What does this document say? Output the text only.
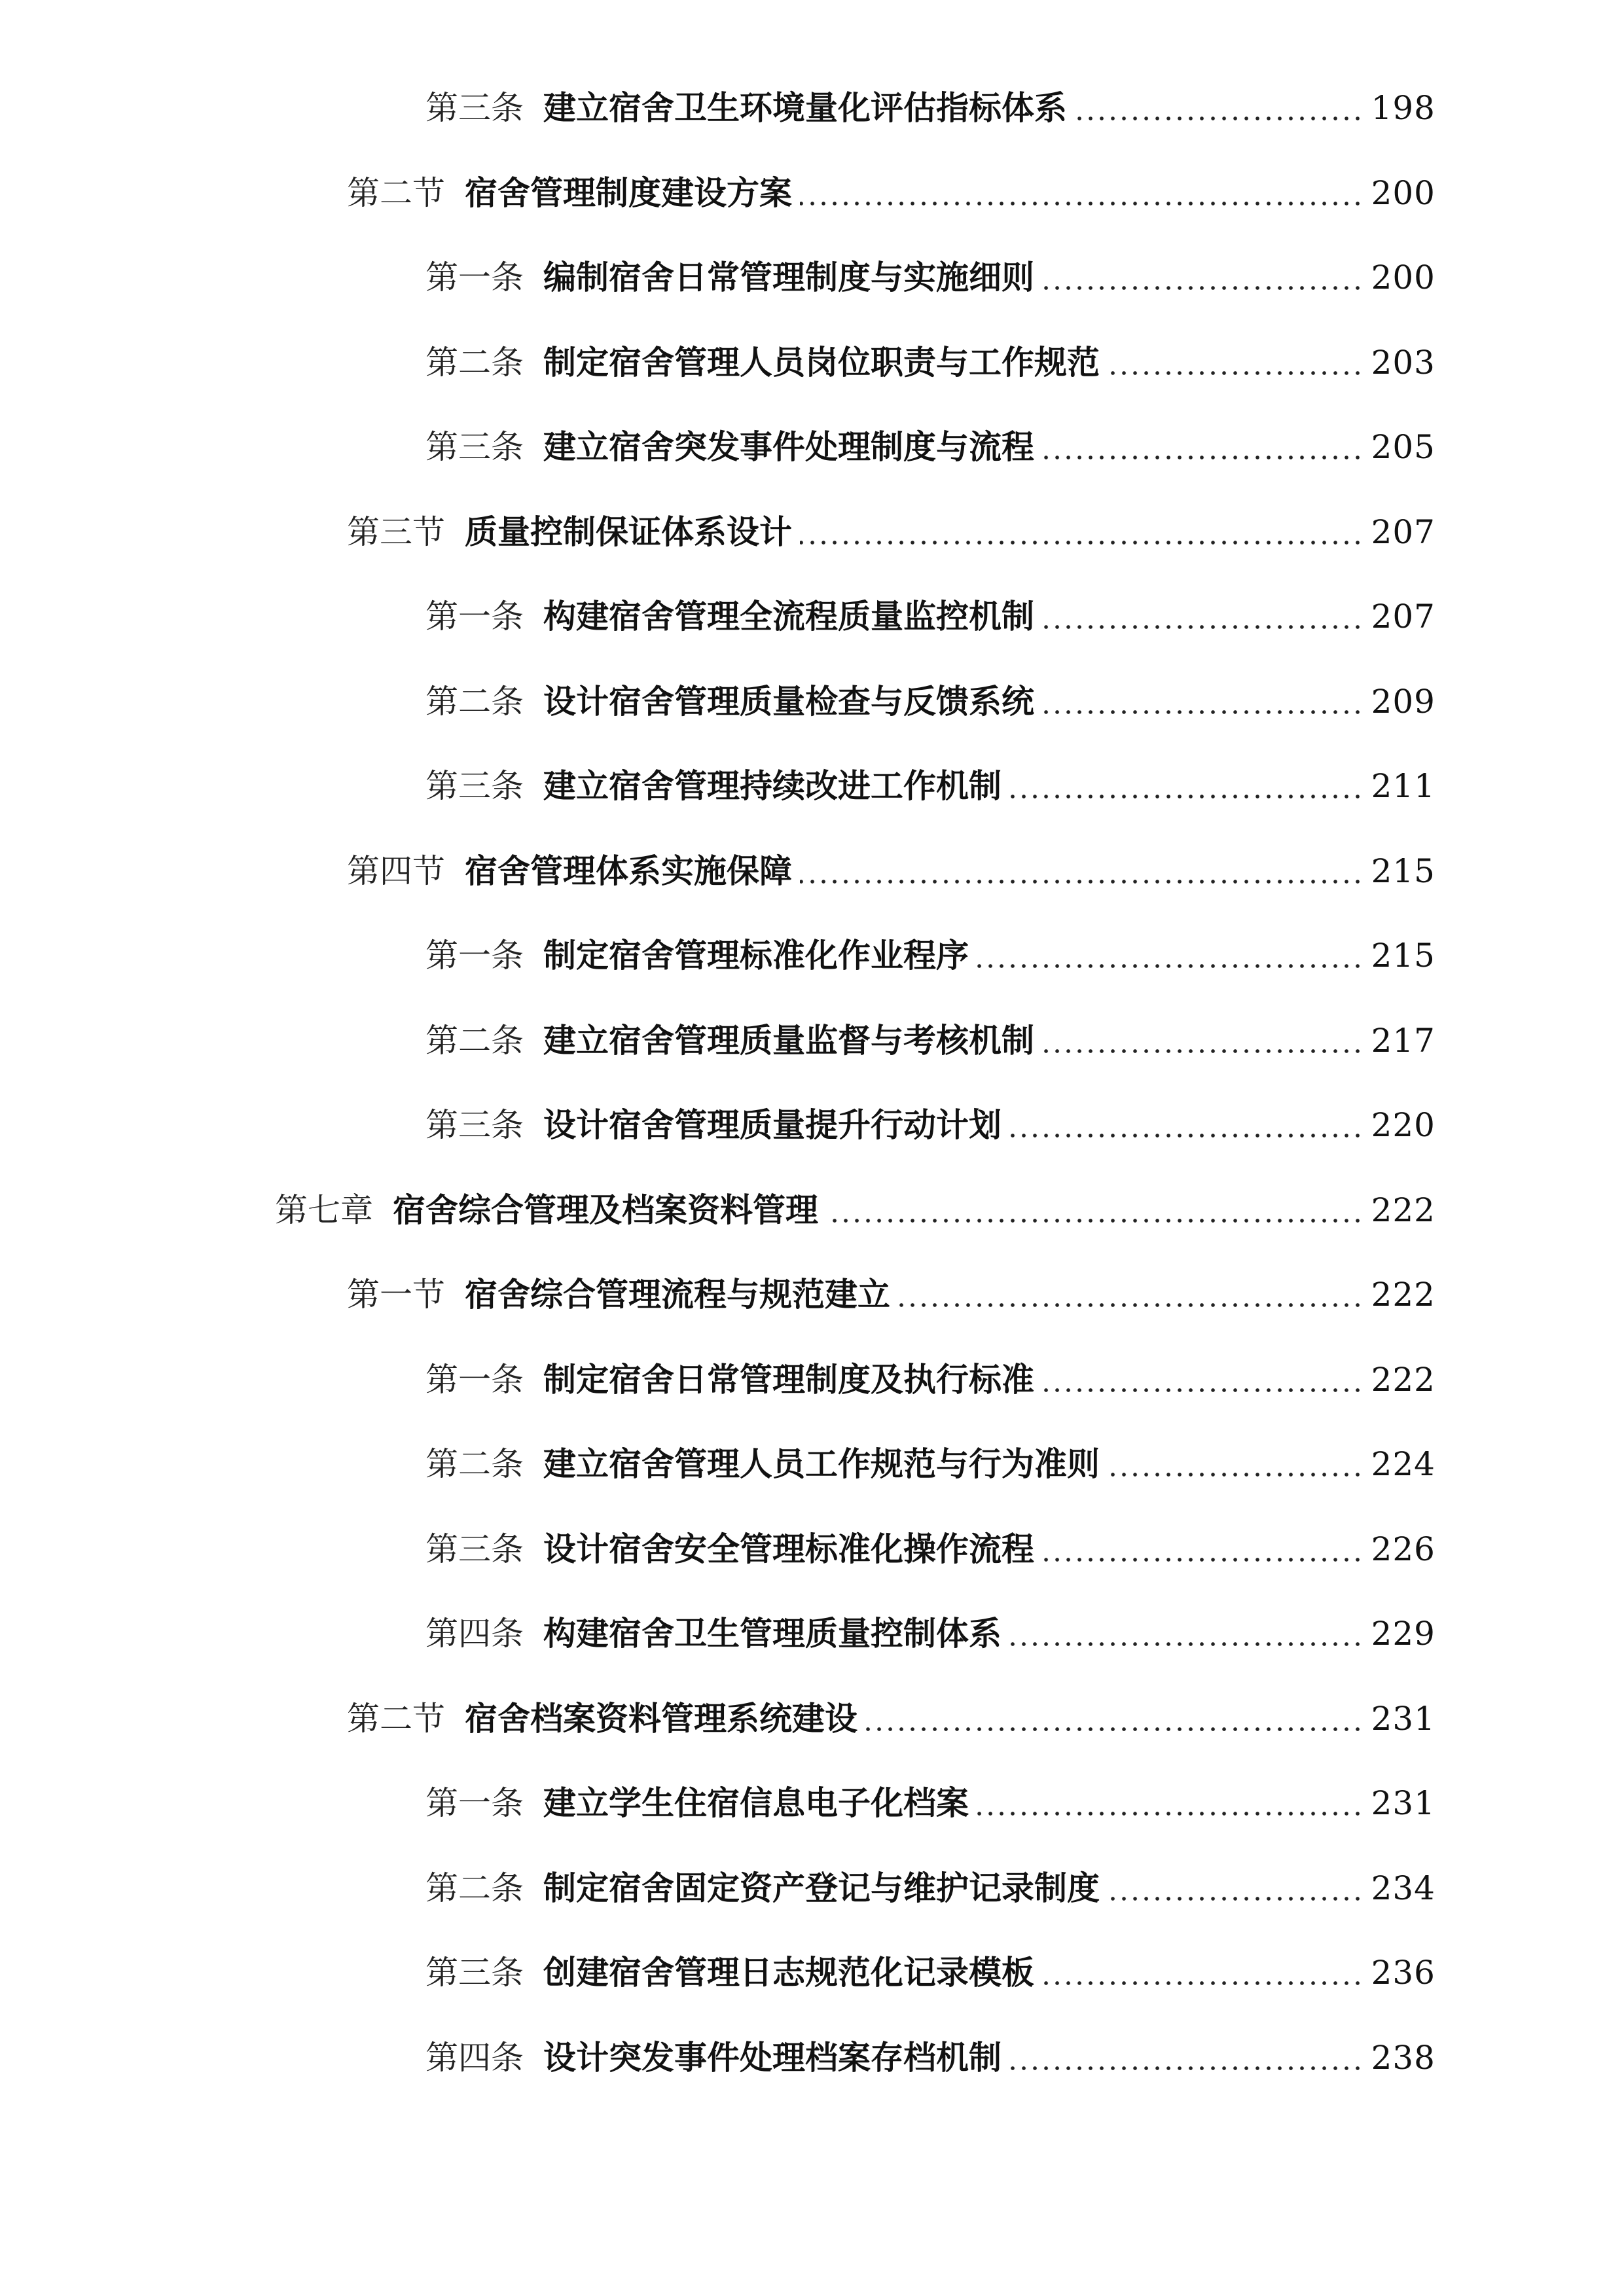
第三条 建立宿舍卫生环境量化评估指标体系	198
第二节 宿舍管理制度建设方案	200
第一条 编制宿舍日常管理制度与实施细则	200
第二条 制定宿舍管理人员岗位职责与工作规范	203
第三条 建立宿舍突发事件处理制度与流程	205
第三节 质量控制保证体系设计	207
第一条 构建宿舍管理全流程质量监控机制	207
第二条 设计宿舍管理质量检查与反馈系统	209
第三条 建立宿舍管理持续改进工作机制	211
第四节 宿舍管理体系实施保障	215
第一条 制定宿舍管理标准化作业程序	215
第二条 建立宿舍管理质量监督与考核机制	217
第三条 设计宿舍管理质量提升行动计划	220
第七章 宿舍综合管理及档案资料管理	222
第一节 宿舍综合管理流程与规范建立	222
第一条 制定宿舍日常管理制度及执行标准	222
第二条 建立宿舍管理人员工作规范与行为准则	224
第三条 设计宿舍安全管理标准化操作流程	226
第四条 构建宿舍卫生管理质量控制体系	229
第二节 宿舍档案资料管理系统建设	231
第一条 建立学生住宿信息电子化档案	231
第二条 制定宿舍固定资产登记与维护记录制度	234
第三条 创建宿舍管理日志规范化记录模板	236
第四条 设计突发事件处理档案存档机制	238
